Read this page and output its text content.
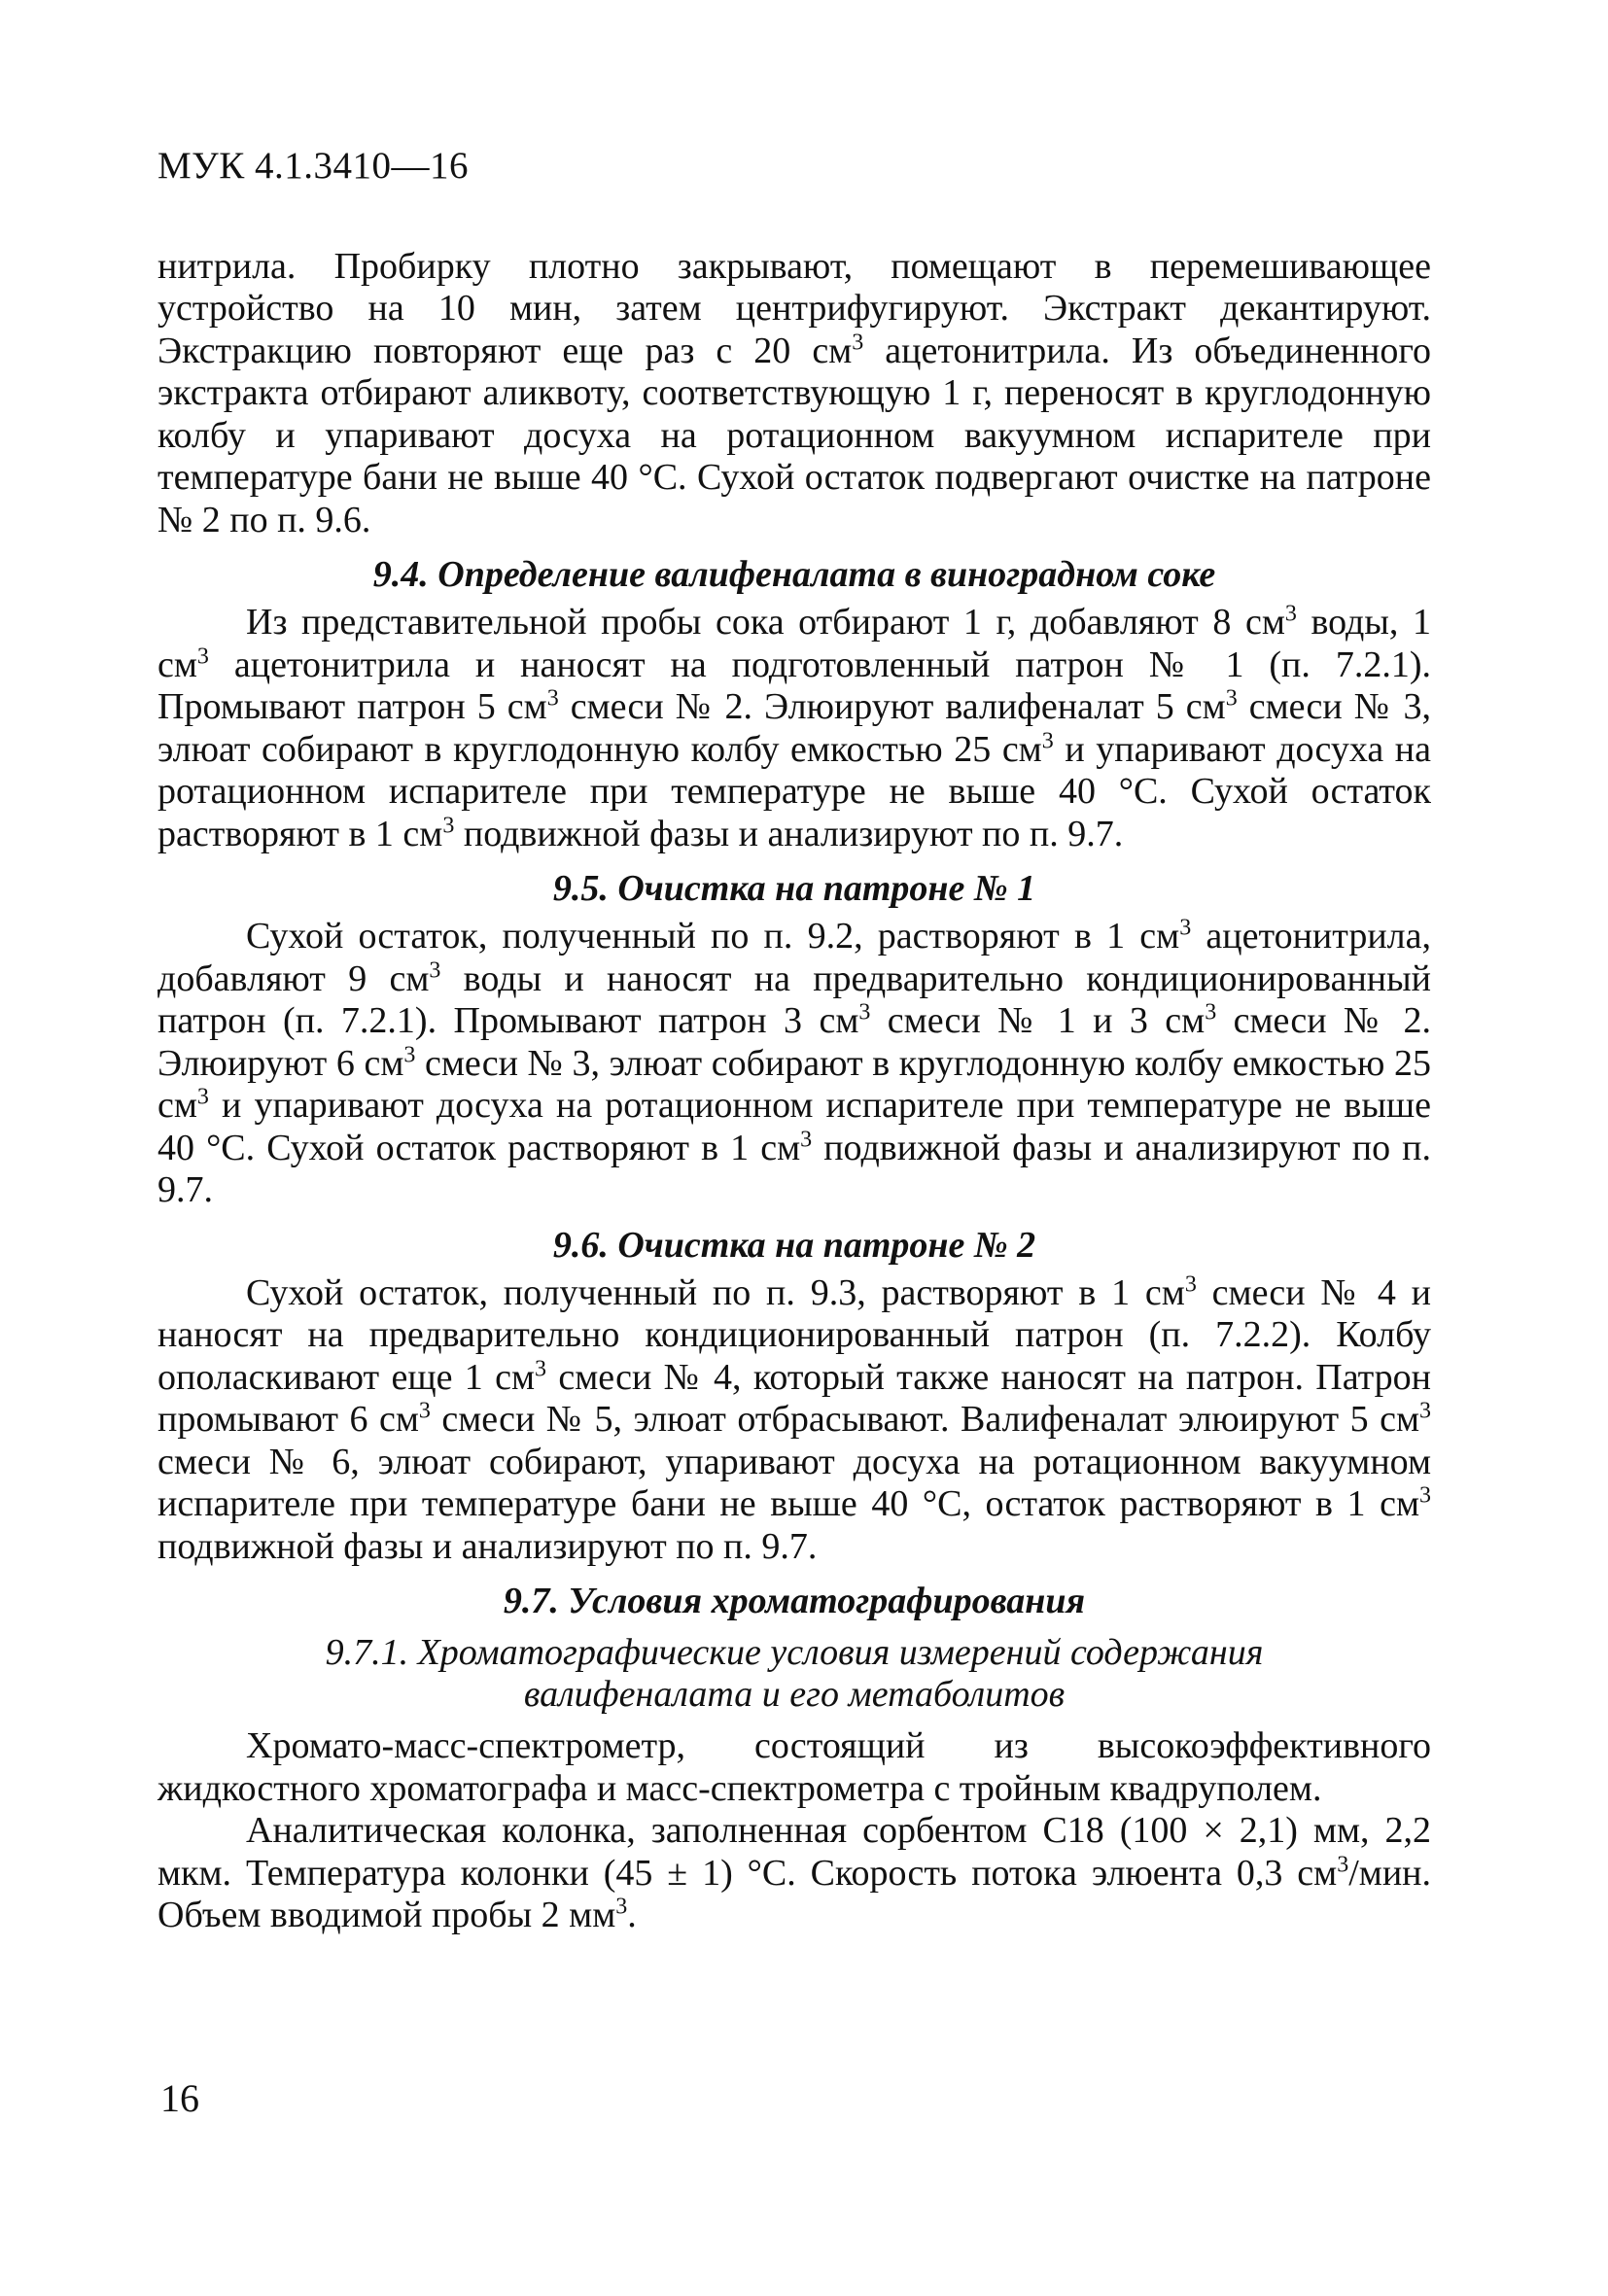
МУК 4.1.3410—16

нитрила. Пробирку плотно закрывают, помещают в перемешивающее устройство на 10 мин, затем центрифугируют. Экстракт декантируют. Экстракцию повторяют еще раз с 20 $см^3$ ацетонитрила. Из объединенного экстракта отбирают аликвоту, соответствующую 1 г, переносят в круглодонную колбу и упаривают досуха на ротационном вакуумном испарителе при температуре бани не выше 40 °С. Сухой остаток подвергают очистке на патроне № 2 по п. 9.6.

9.4. Определение валифеналата в виноградном соке

Из представительной пробы сока отбирают 1 г, добавляют 8 $см^3$ воды, 1 $см^3$ ацетонитрила и наносят на подготовленный патрон № 1 (п. 7.2.1). Промывают патрон 5 $см^3$ смеси № 2. Элюируют валифеналат 5 $см^3$ смеси № 3, элюат собирают в круглодонную колбу емкостью 25 $см^3$ и упаривают досуха на ротационном испарителе при температуре не выше 40 °С. Сухой остаток растворяют в 1 $см^3$ подвижной фазы и анализируют по п. 9.7.

9.5. Очистка на патроне № 1

Сухой остаток, полученный по п. 9.2, растворяют в 1 $см^3$ ацетонитрила, добавляют 9 $см^3$ воды и наносят на предварительно кондиционированный патрон (п. 7.2.1). Промывают патрон 3 $см^3$ смеси № 1 и 3 $см^3$ смеси № 2. Элюируют 6 $см^3$ смеси № 3, элюат собирают в круглодонную колбу емкостью 25 $см^3$ и упаривают досуха на ротационном испарителе при температуре не выше 40 °С. Сухой остаток растворяют в 1 $см^3$ подвижной фазы и анализируют по п. 9.7.

9.6. Очистка на патроне № 2

Сухой остаток, полученный по п. 9.3, растворяют в 1 $см^3$ смеси № 4 и наносят на предварительно кондиционированный патрон (п. 7.2.2). Колбу ополаскивают еще 1 $см^3$ смеси № 4, который также наносят на патрон. Патрон промывают 6 $см^3$ смеси № 5, элюат отбрасывают. Валифеналат элюируют 5 $см^3$ смеси № 6, элюат собирают, упаривают досуха на ротационном вакуумном испарителе при температуре бани не выше 40 °С, остаток растворяют в 1 $см^3$ подвижной фазы и анализируют по п. 9.7.

9.7. Условия хроматографирования
9.7.1. Хроматографические условия измерений содержания
валифеналата и его метаболитов

Хромато-масс-спектрометр, состоящий из высокоэффективного жидкостного хроматографа и масс-спектрометра с тройным квадруполем.

Аналитическая колонка, заполненная сорбентом С18 (100 × 2,1) мм, 2,2 мкм. Температура колонки (45 ± 1) °С. Скорость потока элюента 0,3 $см^3$/мин. Объем вводимой пробы 2 $мм^3$.

16
